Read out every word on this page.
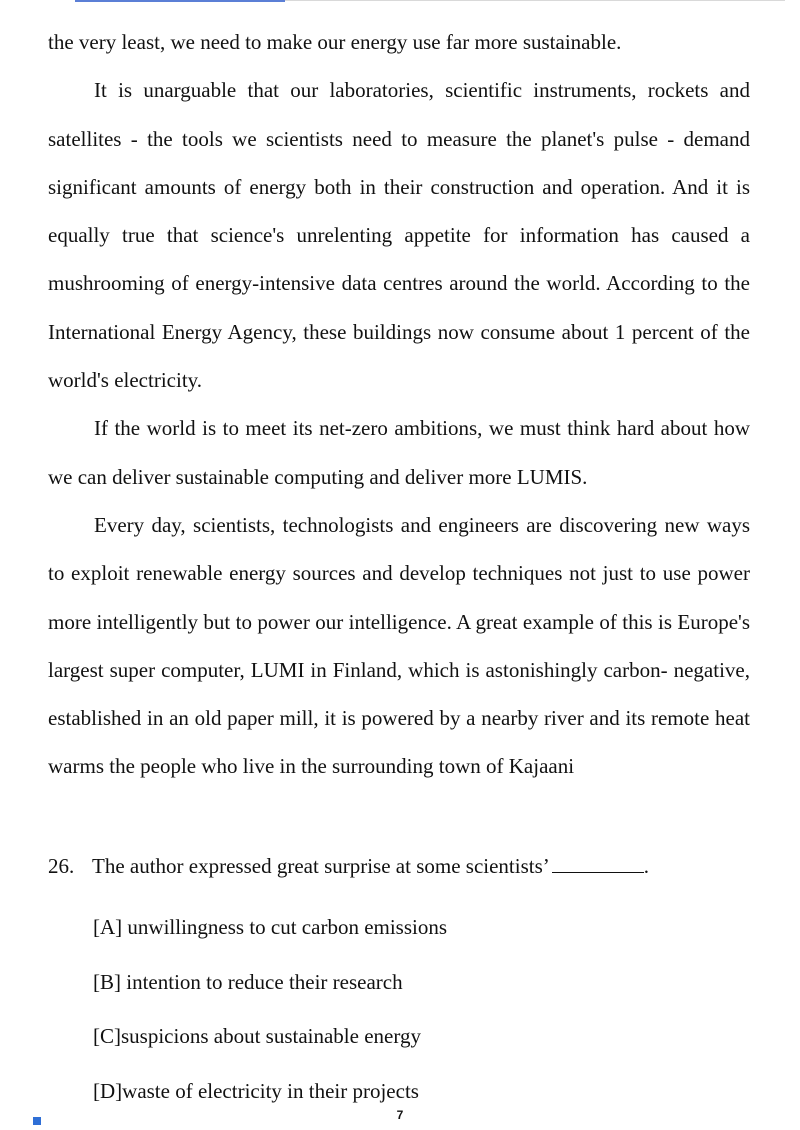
the very least, we need to make our energy use far more sustainable.

It is unarguable that our laboratories, scientific instruments, rockets and satellites - the tools we scientists need to measure the planet's pulse - demand significant amounts of energy both in their construction and operation. And it is equally true that science's unrelenting appetite for information has caused a mushrooming of energy-intensive data centres around the world. According to the International Energy Agency, these buildings now consume about 1 percent of the world's electricity.

If the world is to meet its net-zero ambitions, we must think hard about how we can deliver sustainable computing and deliver more LUMIS.

Every day, scientists, technologists and engineers are discovering new ways to exploit renewable energy sources and develop techniques not just to use power more intelligently but to power our intelligence. A great example of this is Europe's largest super computer, LUMI in Finland, which is astonishingly carbon- negative, established in an old paper mill, it is powered by a nearby river and its remote heat warms the people who live in the surrounding town of Kajaani

26. The author expressed great surprise at some scientists’	.
[A] unwillingness to cut carbon emissions
[B] intention to reduce their research
[C]suspicions about sustainable energy
[D]waste of electricity in their projects
7
